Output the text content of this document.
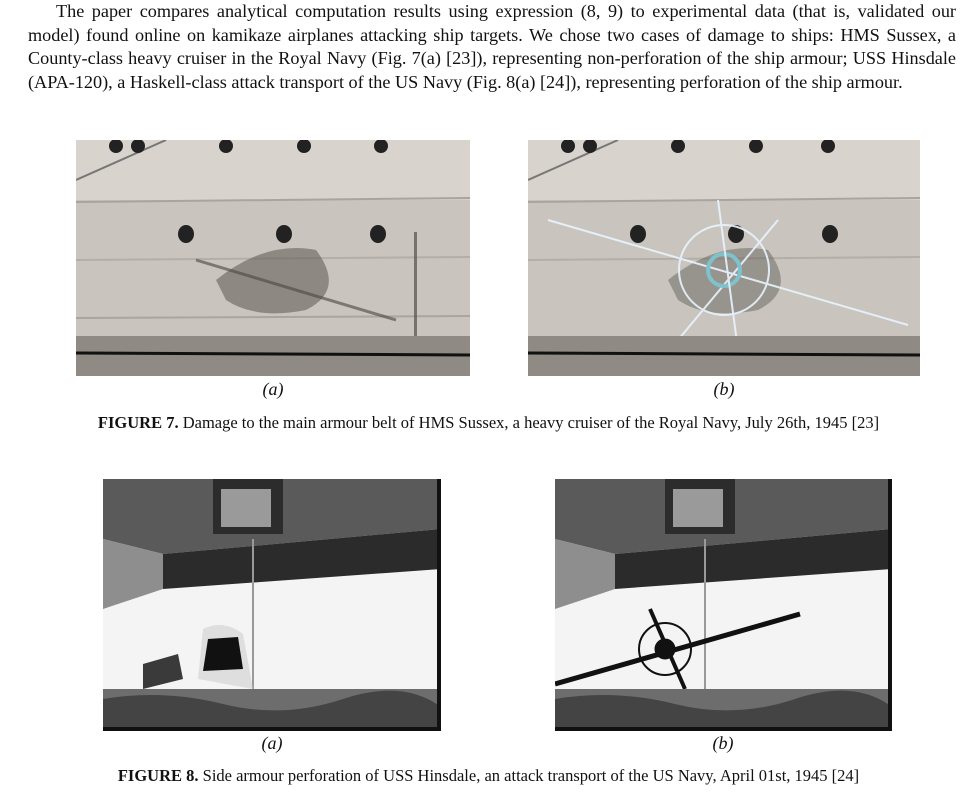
The paper compares analytical computation results using expression (8, 9) to experimental data (that is, validated our model) found online on kamikaze airplanes attacking ship targets. We chose two cases of damage to ships: HMS Sussex, a County-class heavy cruiser in the Royal Navy (Fig. 7(a) [23]), representing non-perforation of the ship armour; USS Hinsdale (APA-120), a Haskell-class attack transport of the US Navy (Fig. 8(a) [24]), representing perforation of the ship armour.

(a)	(b)
FIGURE 7. Damage to the main armour belt of HMS Sussex, a heavy cruiser of the Royal Navy, July 26th, 1945 [23]
(a)	(b)
FIGURE 8. Side armour perforation of USS Hinsdale, an attack transport of the US Navy, April 01st, 1945 [24]
